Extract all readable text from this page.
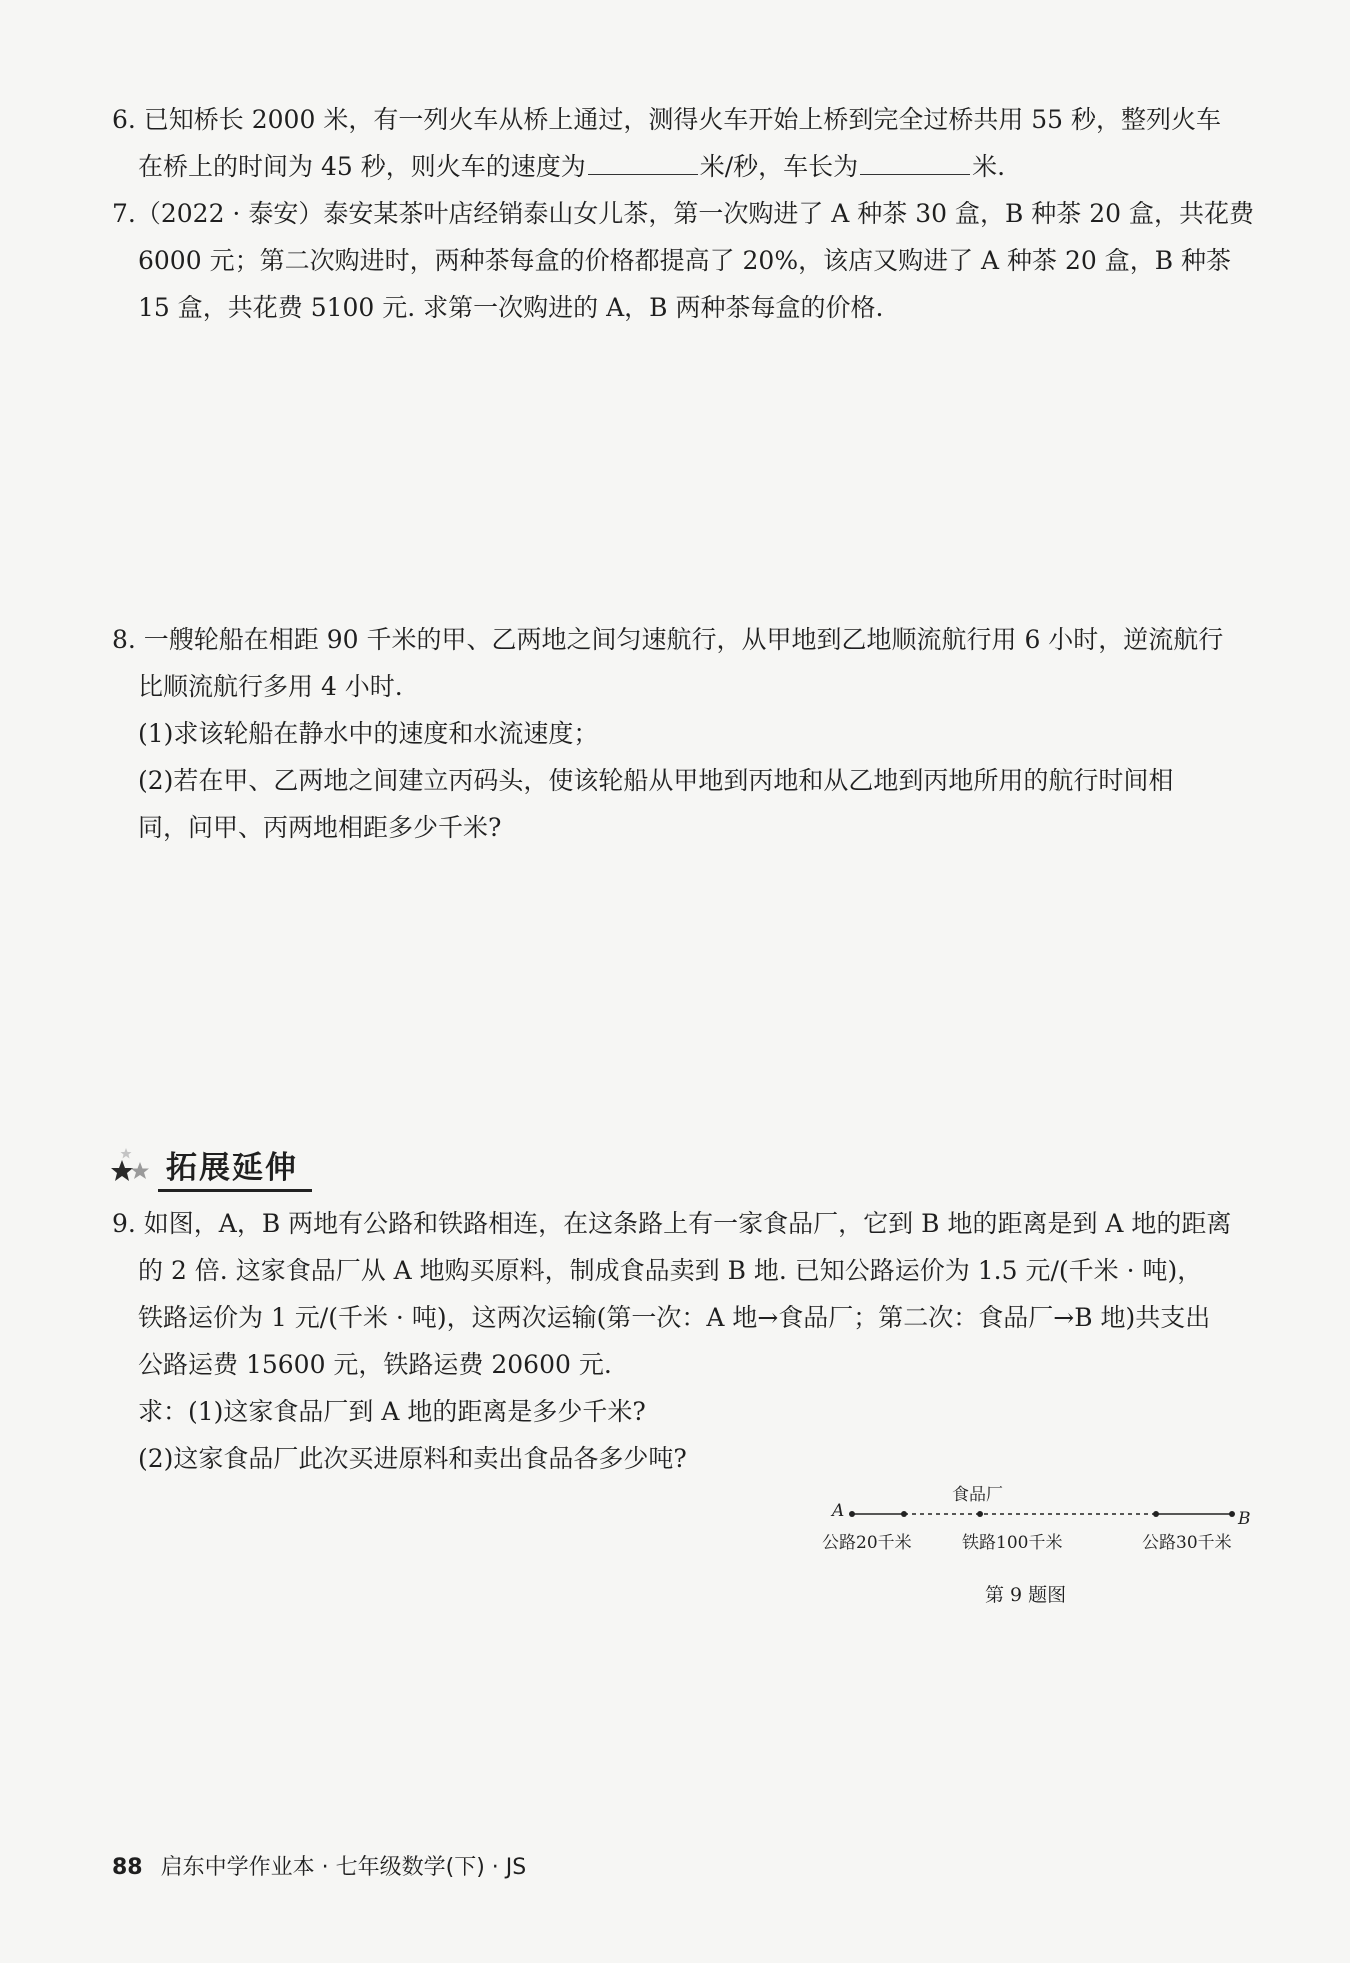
6. 已知桥长 2000 米，有一列火车从桥上通过，测得火车开始上桥到完全过桥共用 55 秒，整列火车
在桥上的时间为 45 秒，则火车的速度为	米/秒，车长为	米.
7.（2022 · 泰安）泰安某茶叶店经销泰山女儿茶，第一次购进了 A 种茶 30 盒，B 种茶 20 盒，共花费
6000 元；第二次购进时，两种茶每盒的价格都提高了 20%，该店又购进了 A 种茶 20 盒，B 种茶
15 盒，共花费 5100 元. 求第一次购进的 A，B 两种茶每盒的价格.
8. 一艘轮船在相距 90 千米的甲、乙两地之间匀速航行，从甲地到乙地顺流航行用 6 小时，逆流航行
比顺流航行多用 4 小时.
(1)求该轮船在静水中的速度和水流速度；
(2)若在甲、乙两地之间建立丙码头，使该轮船从甲地到丙地和从乙地到丙地所用的航行时间相
同，问甲、丙两地相距多少千米?
拓展延伸
9. 如图，A，B 两地有公路和铁路相连，在这条路上有一家食品厂，它到 B 地的距离是到 A 地的距离
的 2 倍. 这家食品厂从 A 地购买原料，制成食品卖到 B 地. 已知公路运价为 1.5 元/(千米 · 吨)，
铁路运价为 1 元/(千米 · 吨)，这两次运输(第一次：A 地→食品厂；第二次：食品厂→B 地)共支出
公路运费 15600 元，铁路运费 20600 元.
求：(1)这家食品厂到 A 地的距离是多少千米?
(2)这家食品厂此次买进原料和卖出食品各多少吨?
A	B
食品厂
公路20千米	铁路100千米	公路30千米
第 9 题图
88 启东中学作业本 · 七年级数学(下) · JS
